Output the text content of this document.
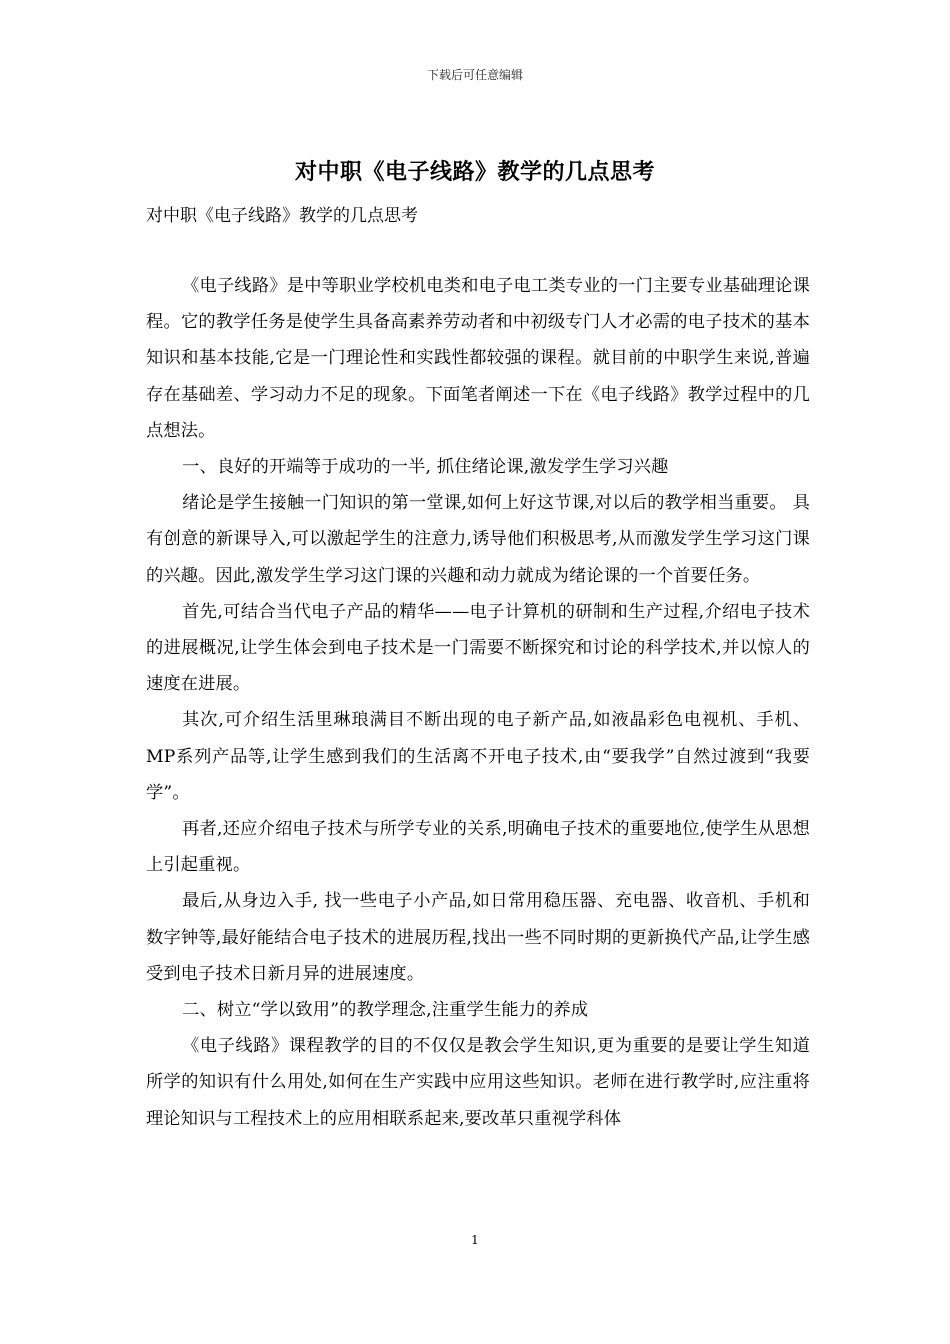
下载后可任意编辑
对中职《电子线路》教学的几点思考
对中职《电子线路》教学的几点思考

《电子线路》是中等职业学校机电类和电子电工类专业的一门主要专业基础理论课程。它的教学任务是使学生具备高素养劳动者和中初级专门人才必需的电子技术的基本知识和基本技能,它是一门理论性和实践性都较强的课程。就目前的中职学生来说,普遍存在基础差、学习动力不足的现象。下面笔者阐述一下在《电子线路》教学过程中的几点想法。

一、良好的开端等于成功的一半, 抓住绪论课,激发学生学习兴趣

绪论是学生接触一门知识的第一堂课,如何上好这节课,对以后的教学相当重要。 具有创意的新课导入,可以激起学生的注意力,诱导他们积极思考,从而激发学生学习这门课的兴趣。因此,激发学生学习这门课的兴趣和动力就成为绪论课的一个首要任务。

首先,可结合当代电子产品的精华——电子计算机的研制和生产过程,介绍电子技术的进展概况,让学生体会到电子技术是一门需要不断探究和讨论的科学技术,并以惊人的速度在进展。

其次,可介绍生活里琳琅满目不断出现的电子新产品,如液晶彩色电视机、手机、MP系列产品等,让学生感到我们的生活离不开电子技术,由“要我学”自然过渡到“我要学”。

再者,还应介绍电子技术与所学专业的关系,明确电子技术的重要地位,使学生从思想上引起重视。

最后,从身边入手, 找一些电子小产品,如日常用稳压器、充电器、收音机、手机和数字钟等,最好能结合电子技术的进展历程,找出一些不同时期的更新换代产品,让学生感受到电子技术日新月异的进展速度。

二、树立“学以致用”的教学理念,注重学生能力的养成

《电子线路》课程教学的目的不仅仅是教会学生知识,更为重要的是要让学生知道所学的知识有什么用处,如何在生产实践中应用这些知识。老师在进行教学时,应注重将理论知识与工程技术上的应用相联系起来,要改革只重视学科体

1
